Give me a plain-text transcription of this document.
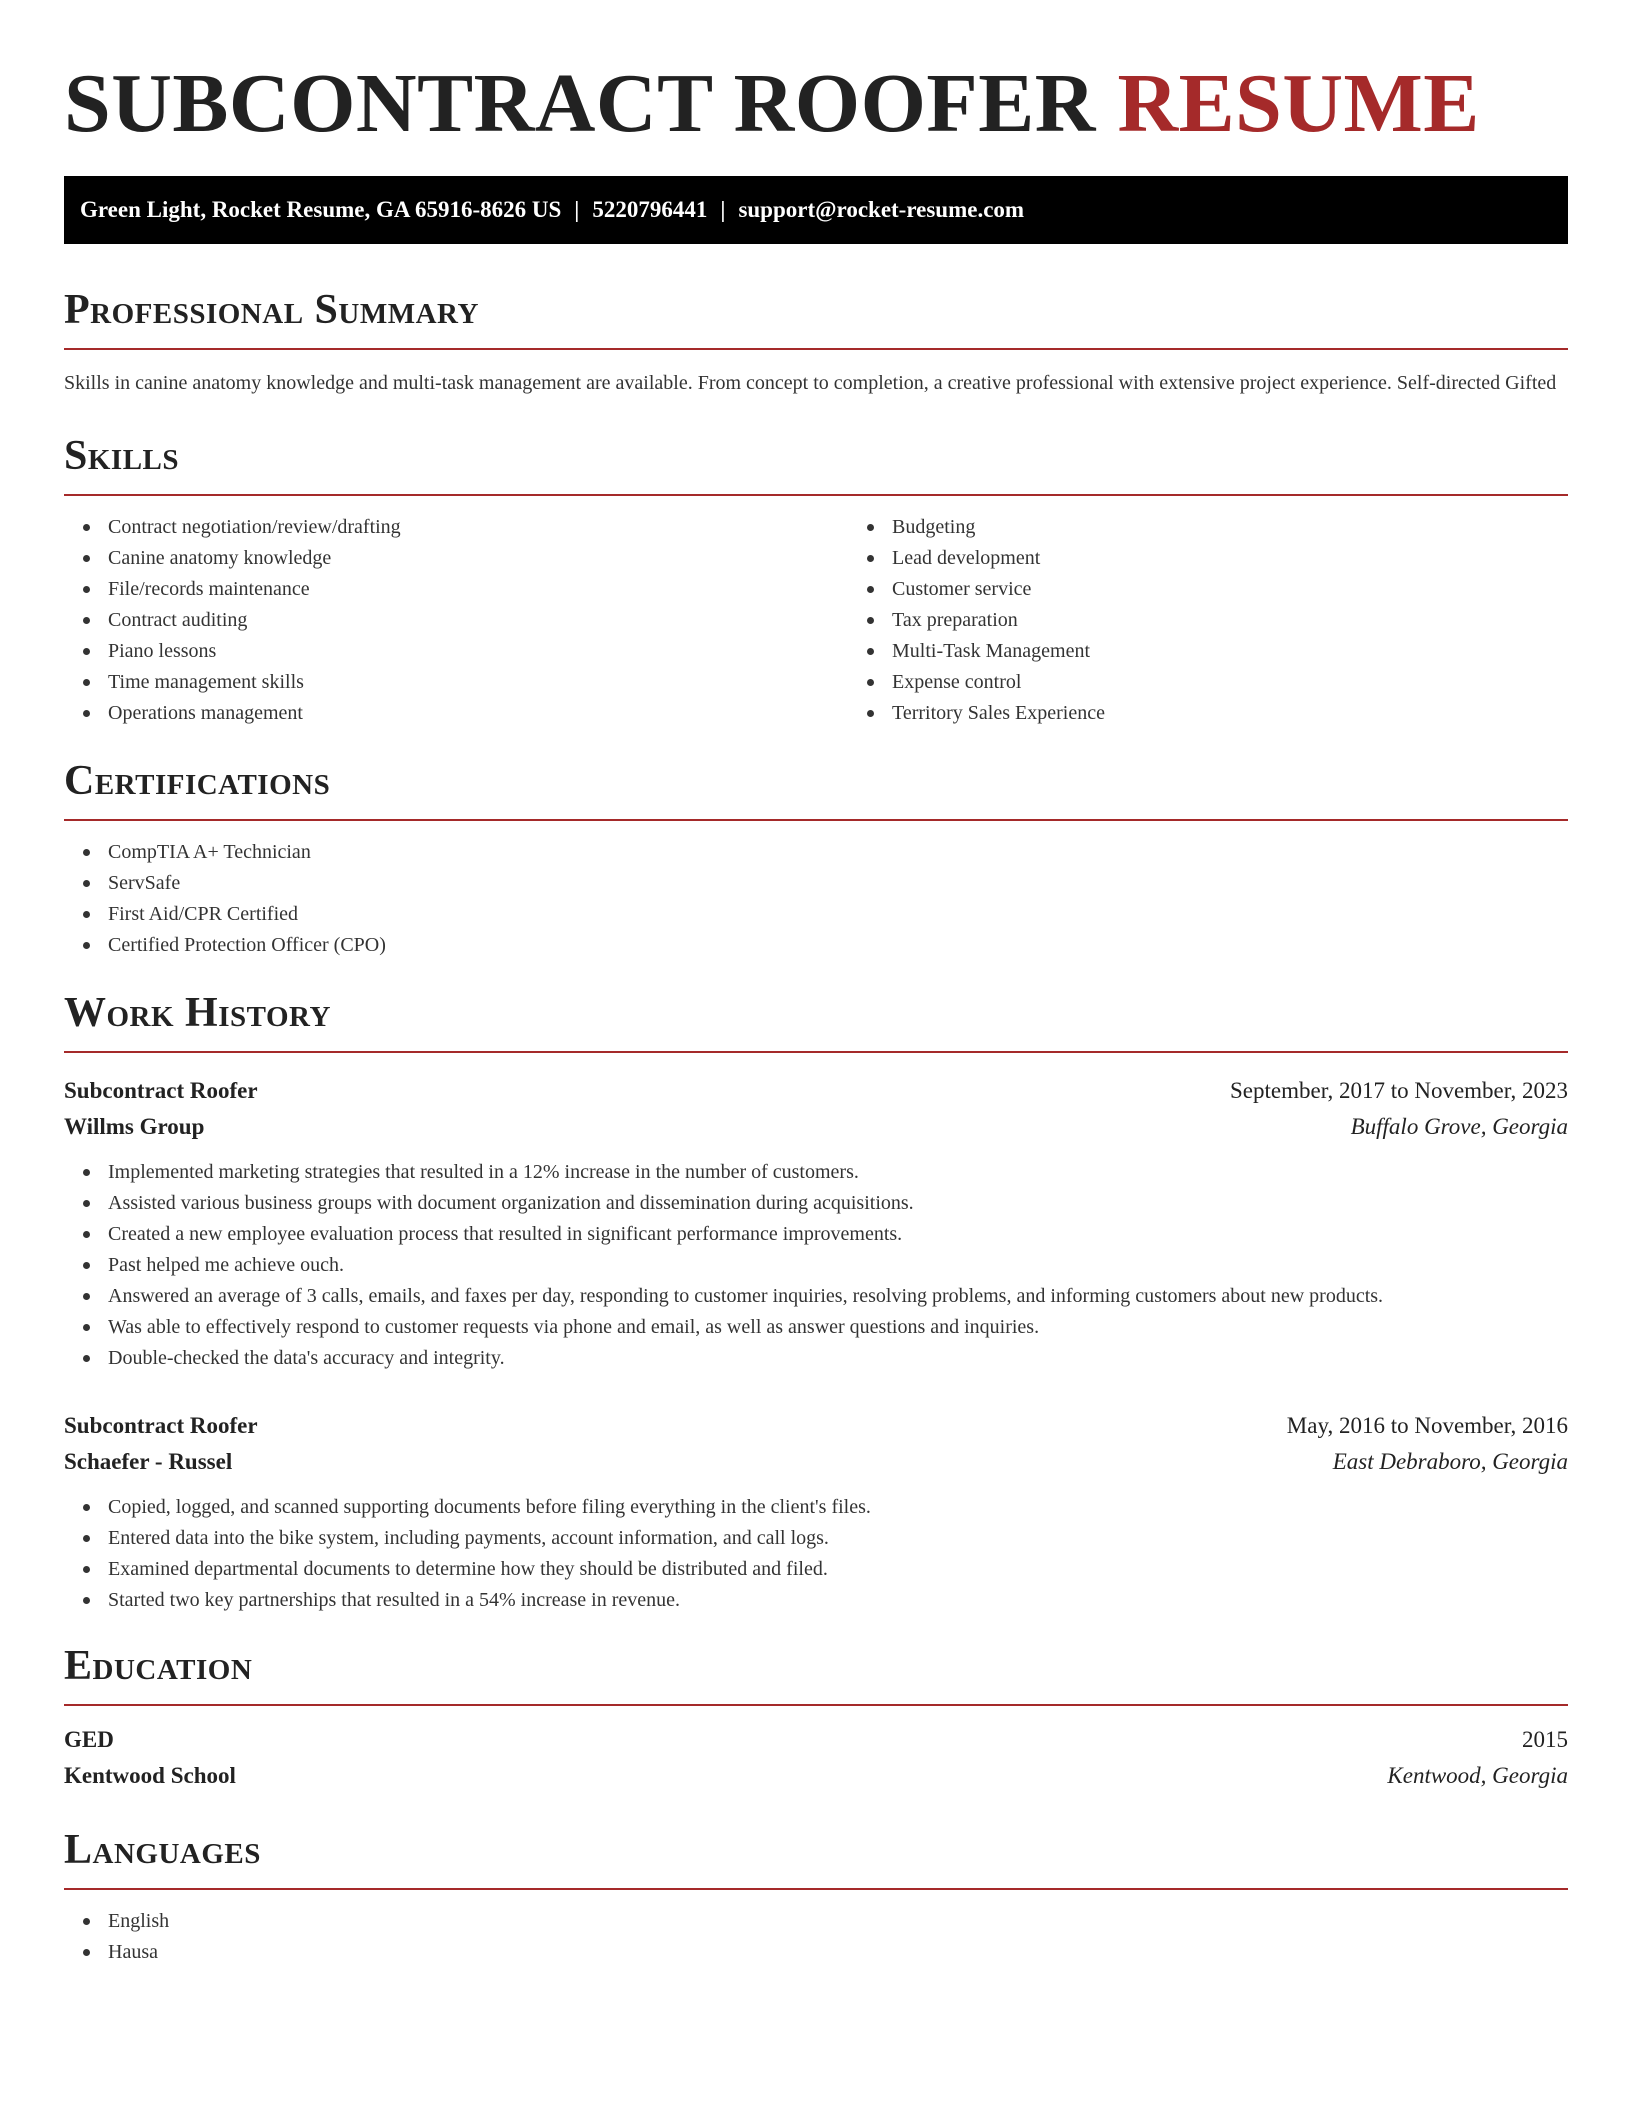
SUBCONTRACT ROOFER RESUME
Green Light, Rocket Resume, GA 65916-8626 US | 5220796441 | support@rocket-resume.com
Professional Summary

Skills in canine anatomy knowledge and multi-task management are available. From concept to completion, a creative professional with extensive project experience. Self-directed Gifted

Skills
Contract negotiation/review/drafting
Canine anatomy knowledge
File/records maintenance
Contract auditing
Piano lessons
Time management skills
Operations management
Budgeting
Lead development
Customer service
Tax preparation
Multi-Task Management
Expense control
Territory Sales Experience
Certifications
CompTIA A+ Technician
ServSafe
First Aid/CPR Certified
Certified Protection Officer (CPO)
Work History
Subcontract Roofer	September, 2017 to November, 2023
Willms Group	Buffalo Grove, Georgia
Implemented marketing strategies that resulted in a 12% increase in the number of customers.
Assisted various business groups with document organization and dissemination during acquisitions.
Created a new employee evaluation process that resulted in significant performance improvements.
Past helped me achieve ouch.
Answered an average of 3 calls, emails, and faxes per day, responding to customer inquiries, resolving problems, and informing customers about new products.
Was able to effectively respond to customer requests via phone and email, as well as answer questions and inquiries.
Double-checked the data's accuracy and integrity.
Subcontract Roofer	May, 2016 to November, 2016
Schaefer - Russel	East Debraboro, Georgia
Copied, logged, and scanned supporting documents before filing everything in the client's files.
Entered data into the bike system, including payments, account information, and call logs.
Examined departmental documents to determine how they should be distributed and filed.
Started two key partnerships that resulted in a 54% increase in revenue.
Education
GED	2015
Kentwood School	Kentwood, Georgia
Languages
English
Hausa
